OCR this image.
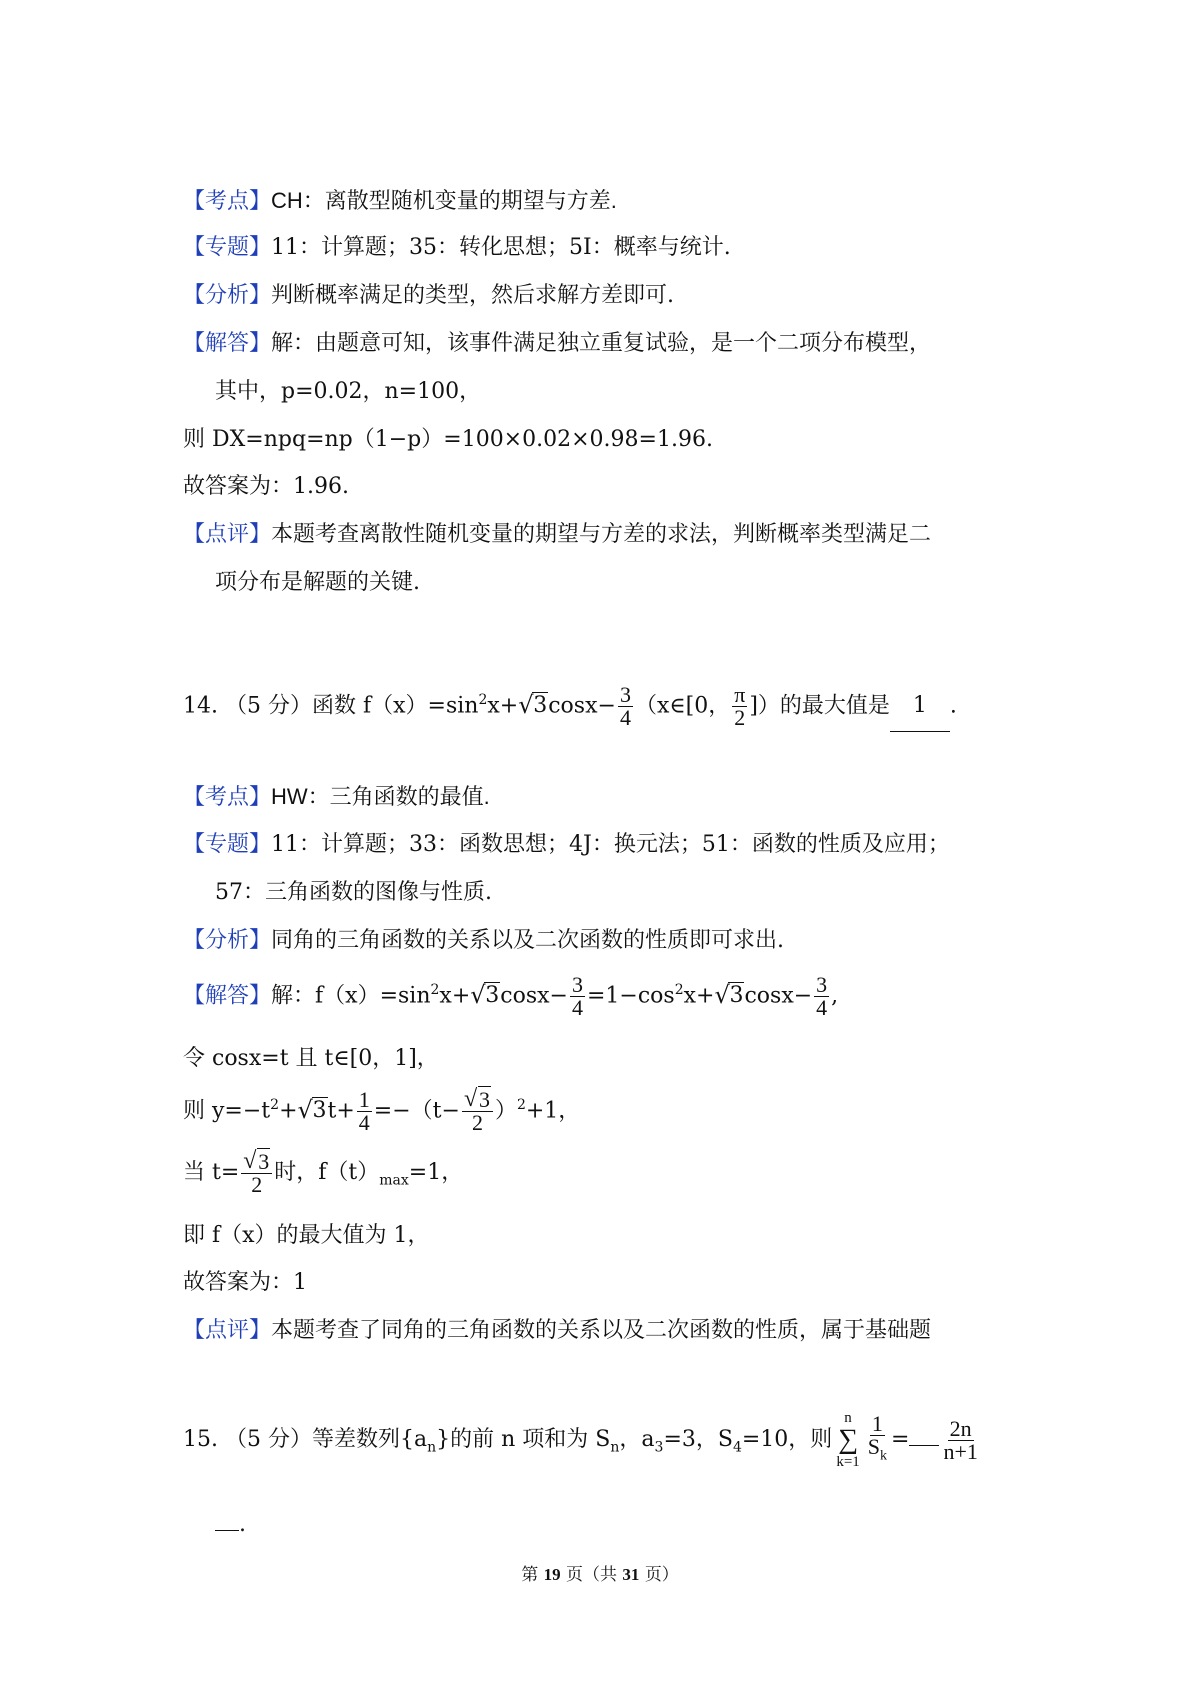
【考点】CH：离散型随机变量的期望与方差.
【专题】11：计算题；35：转化思想；5I：概率与统计.
【分析】判断概率满足的类型，然后求解方差即可.
【解答】解：由题意可知，该事件满足独立重复试验，是一个二项分布模型，
其中，p=0.02，n=100，
则 DX=npq=np（1−p）=100×0.02×0.98=1.96.
故答案为：1.96.
【点评】本题考查离散性随机变量的期望与方差的求法，判断概率类型满足二
项分布是解题的关键.
14. （5 分）函数 $f(x)=\sin^2x+√$ $3\cos x- \frac{3}{4}$ （x∈[0， $\frac{\pi}{2}$ ]）的最大值是 1 .
【考点】HW：三角函数的最值.
【专题】11：计算题；33：函数思想；4J：换元法；51：函数的性质及应用；
57：三角函数的图像与性质.
【分析】同角的三角函数的关系以及二次函数的性质即可求出.
【解答】解：$f(x)=\sin^2x+√$ $3\cos x- \frac{3}{4} =1-\cos^2x+√$ $3\cos x- \frac{3}{4}$ ,
令 cosx=t 且 t∈[0，1]，
则 $y=-t^2+√$ $3t+ \frac{1}{4} =-(t-$
√ $\frac{3}{2} )^2+1$，
当 t=
√ $\frac{3}{2}$ 时，$f(t)_{max}=1$，
即 f（x）的最大值为 1，
故答案为：1
【点评】本题考查了同角的三角函数的关系以及二次函数的性质，属于基础题
15. （5 分）等差数列$\{a_n\}$的前 n 项和为 $S_n$，$a_3=3$，$S_4=10$，则
n
∑
$k=1 \frac{1}{S_k} = \frac{2n}{n+1}$
.
第 19 页（共 31 页）
